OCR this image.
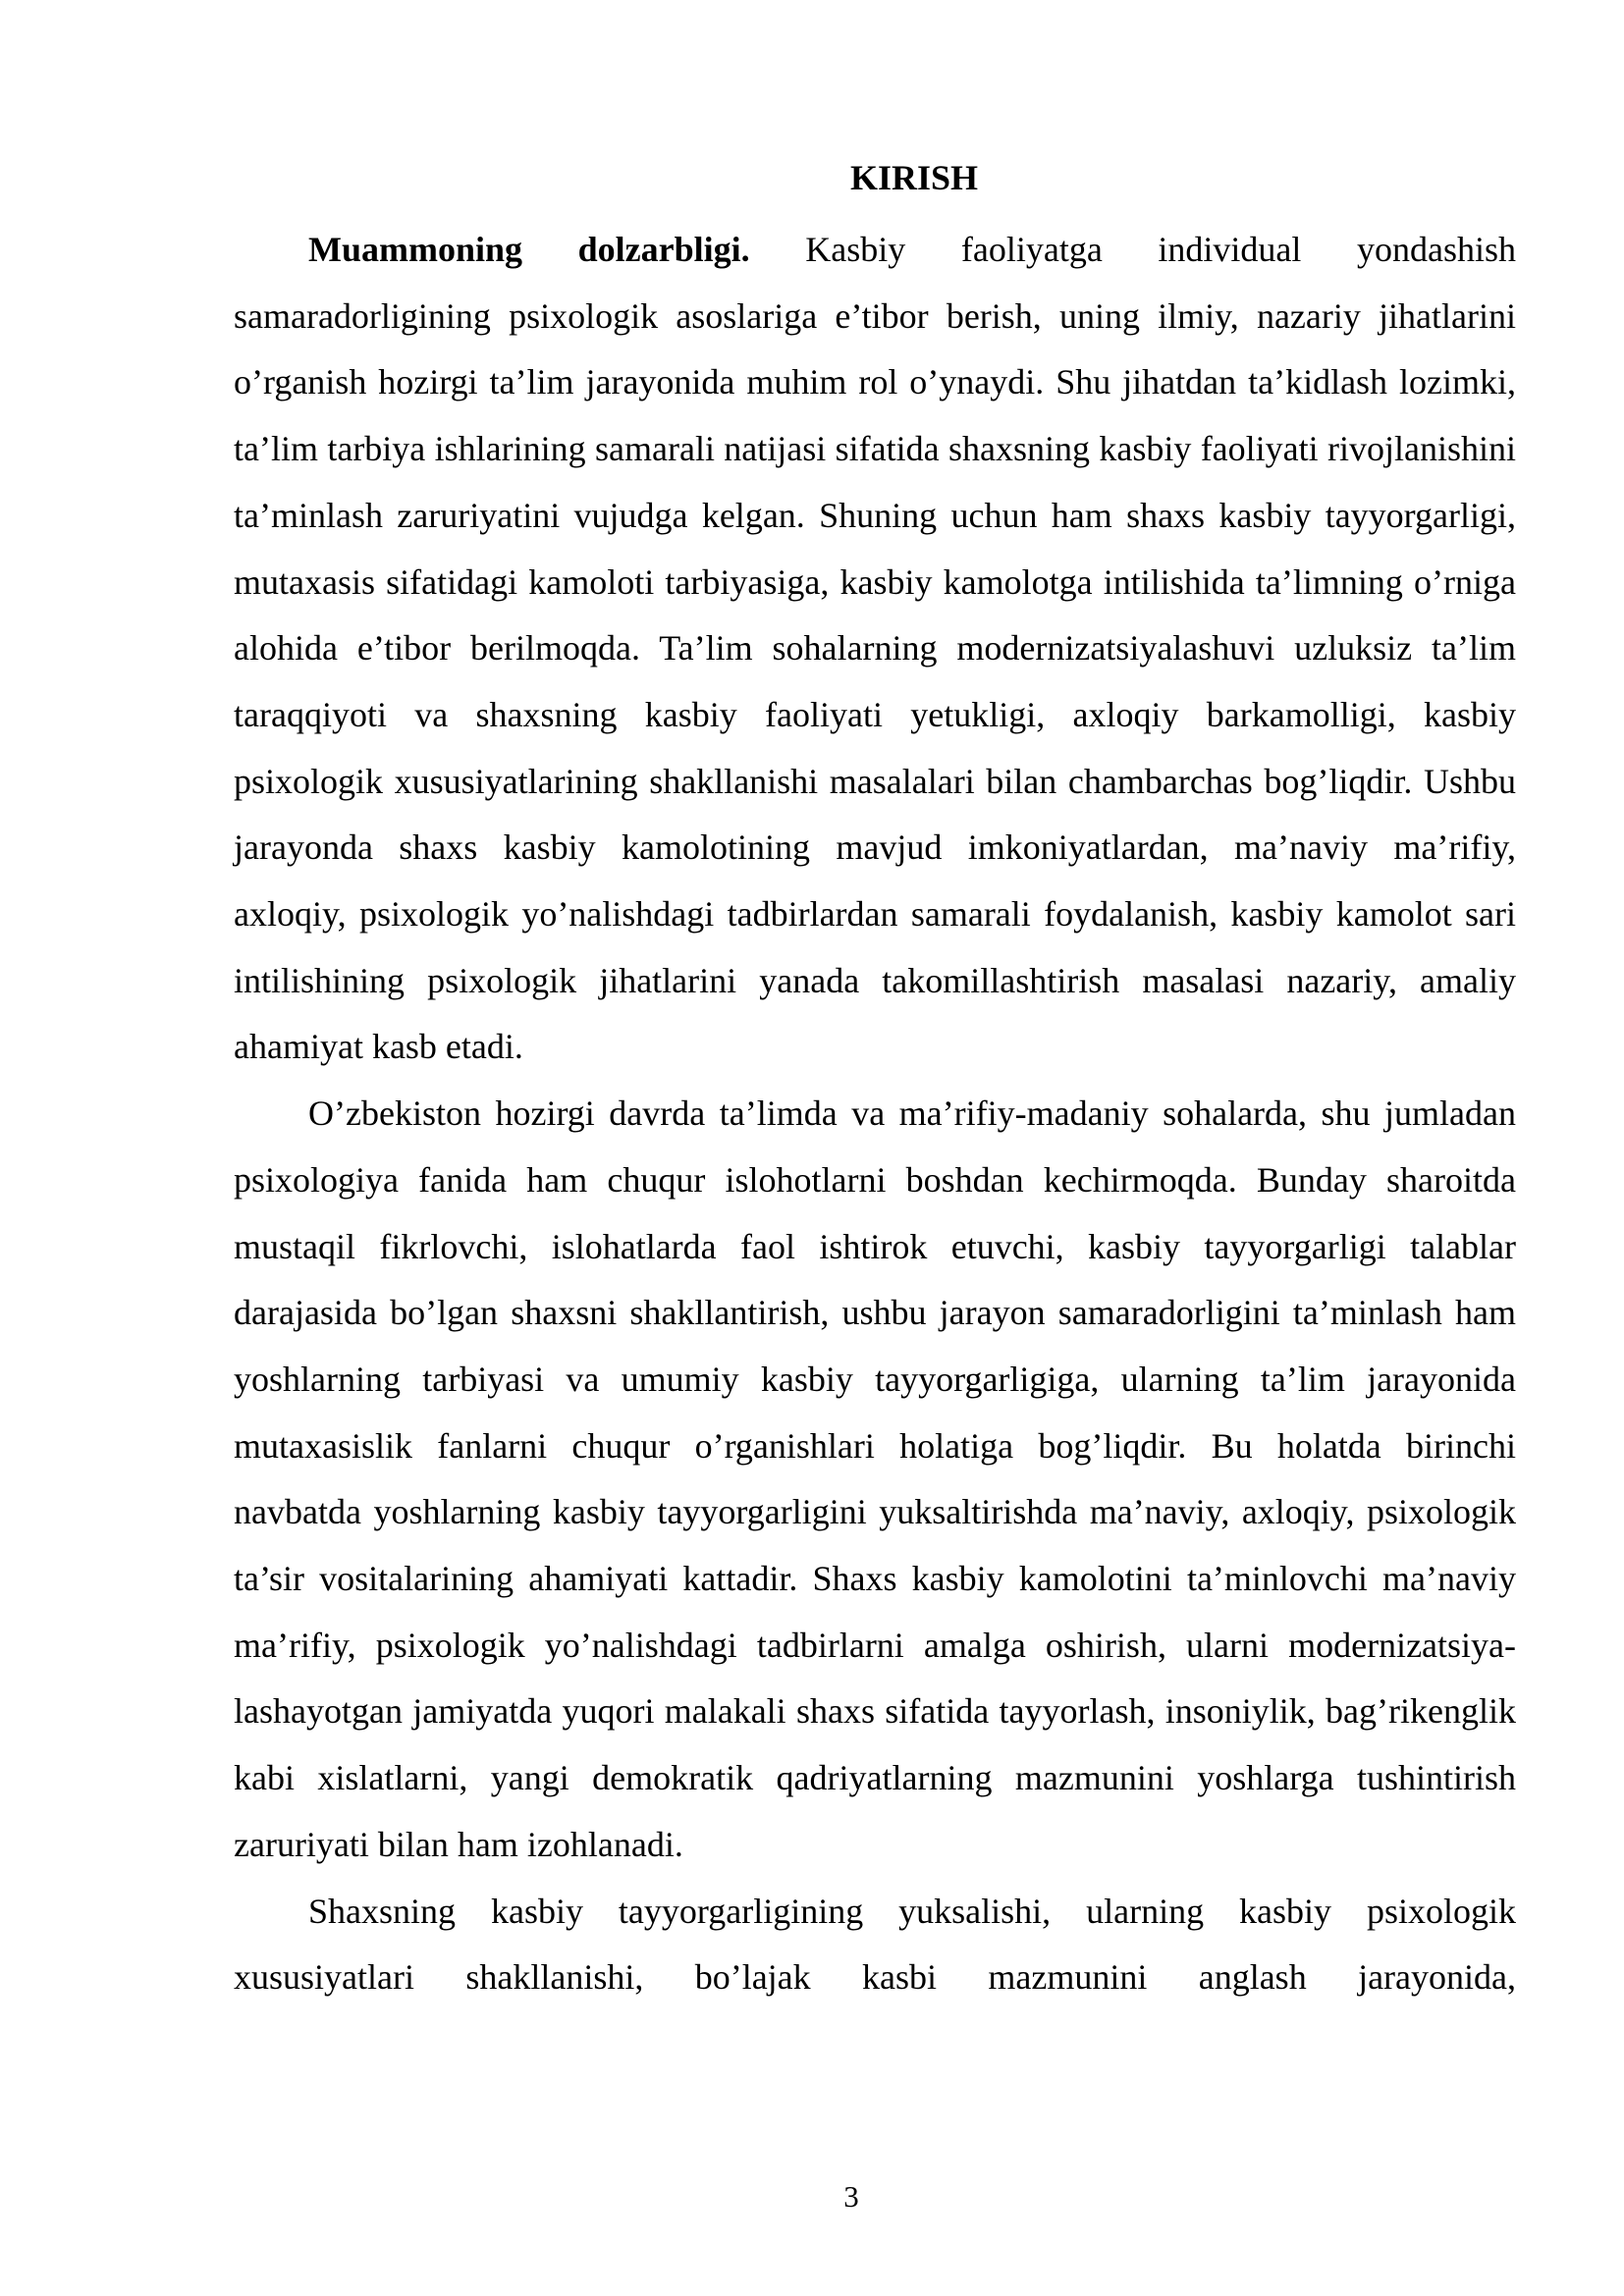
KIRISH

Muammoning dolzarbligi. Kasbiy faoliyatga individual yondashish samaradorligining psixologik asoslariga e’tibor berish, uning ilmiy, nazariy jihatlarini o’rganish hozirgi ta’lim jarayonida muhim rol o’ynaydi. Shu jihatdan ta’kidlash lozimki, ta’lim tarbiya ishlarining samarali natijasi sifatida shaxsning kasbiy faoliyati rivojlanishini ta’minlash zaruriyatini vujudga kelgan. Shuning uchun ham shaxs kasbiy tayyorgarligi, mutaxasis sifatidagi kamoloti tarbiyasiga, kasbiy kamolotga intilishida ta’limning o’rniga alohida e’tibor berilmoqda. Ta’lim sohalarning modernizatsiyalashuvi uzluksiz ta’lim taraqqiyoti va shaxsning kasbiy faoliyati yetukligi, axloqiy barkamolligi, kasbiy psixologik xususiyatlarining shakllanishi masalalari bilan chambarchas bog’liqdir. Ushbu jarayonda shaxs kasbiy kamolotining mavjud imkoniyatlardan, ma’naviy ma’rifiy, axloqiy, psixologik yo’nalishdagi tadbirlardan samarali foydalanish, kasbiy kamolot sari intilishining psixologik jihatlarini yanada takomillashtirish masalasi nazariy, amaliy ahamiyat kasb etadi.

O’zbekiston hozirgi davrda ta’limda va ma’rifiy-madaniy sohalarda, shu jumladan psixologiya fanida ham chuqur islohotlarni boshdan kechirmoqda. Bunday sharoitda mustaqil fikrlovchi, islohatlarda faol ishtirok etuvchi, kasbiy tayyorgarligi talablar darajasida bo’lgan shaxsni shakllantirish, ushbu jarayon samaradorligini ta’minlash ham yoshlarning tarbiyasi va umumiy kasbiy tayyorgarligiga, ularning ta’lim jarayonida mutaxasislik fanlarni chuqur o’rganishlari holatiga bog’liqdir. Bu holatda birinchi navbatda yoshlarning kasbiy tayyorgarligini yuksaltirishda ma’naviy, axloqiy, psixologik ta’sir vositalarining ahamiyati kattadir. Shaxs kasbiy kamolotini ta’minlovchi ma’naviy ma’rifiy, psixologik yo’nalishdagi tadbirlarni amalga oshirish, ularni modernizatsiya-lashayotgan jamiyatda yuqori malakali shaxs sifatida tayyorlash, insoniylik, bag’rikenglik kabi xislatlarni, yangi demokratik qadriyatlarning mazmunini yoshlarga tushintirish zaruriyati bilan ham izohlanadi.

Shaxsning kasbiy tayyorgarligining yuksalishi, ularning kasbiy psixologik xususiyatlari shakllanishi, bo’lajak kasbi mazmunini anglash jarayonida,

3
